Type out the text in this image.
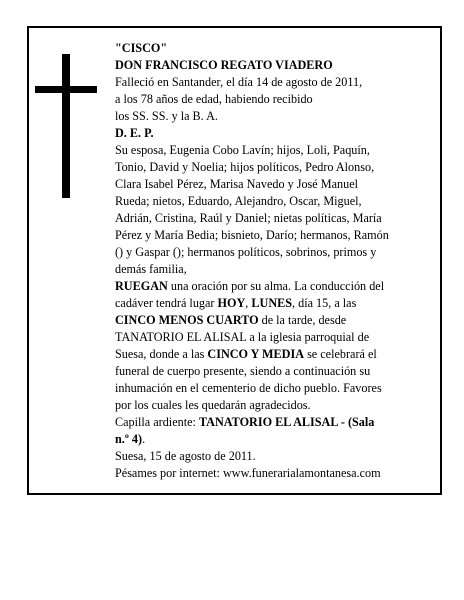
"CISCO"

DON FRANCISCO REGATO VIADERO

Falleció en Santander, el día 14 de agosto de 2011,

a los 78 años de edad, habiendo recibido

los SS. SS. y la B. A.

D. E. P.

Su esposa, Eugenia Cobo Lavín; hijos, Loli, Paquín,

Tonio, David y Noelia; hijos políticos, Pedro Alonso,

Clara Isabel Pérez, Marisa Navedo y José Manuel

Rueda; nietos, Eduardo, Alejandro, Oscar, Miguel,

Adrián, Cristina, Raúl y Daniel; nietas políticas, María

Pérez y María Bedia; bisnieto, Darío; hermanos, Ramón

() y Gaspar (); hermanos políticos, sobrinos, primos y

demás familia,

RUEGAN una oración por su alma. La conducción del

cadáver tendrá lugar HOY, LUNES, día 15, a las

CINCO MENOS CUARTO de la tarde, desde

TANATORIO EL ALISAL a la iglesia parroquial de

Suesa, donde a las CINCO Y MEDIA se celebrará el

funeral de cuerpo presente, siendo a continuación su

inhumación en el cementerio de dicho pueblo. Favores

por los cuales les quedarán agradecidos.

Capilla ardiente: TANATORIO EL ALISAL - (Sala

n.º 4).

Suesa, 15 de agosto de 2011.

Pésames por internet: www.funerarialamontanesa.com
